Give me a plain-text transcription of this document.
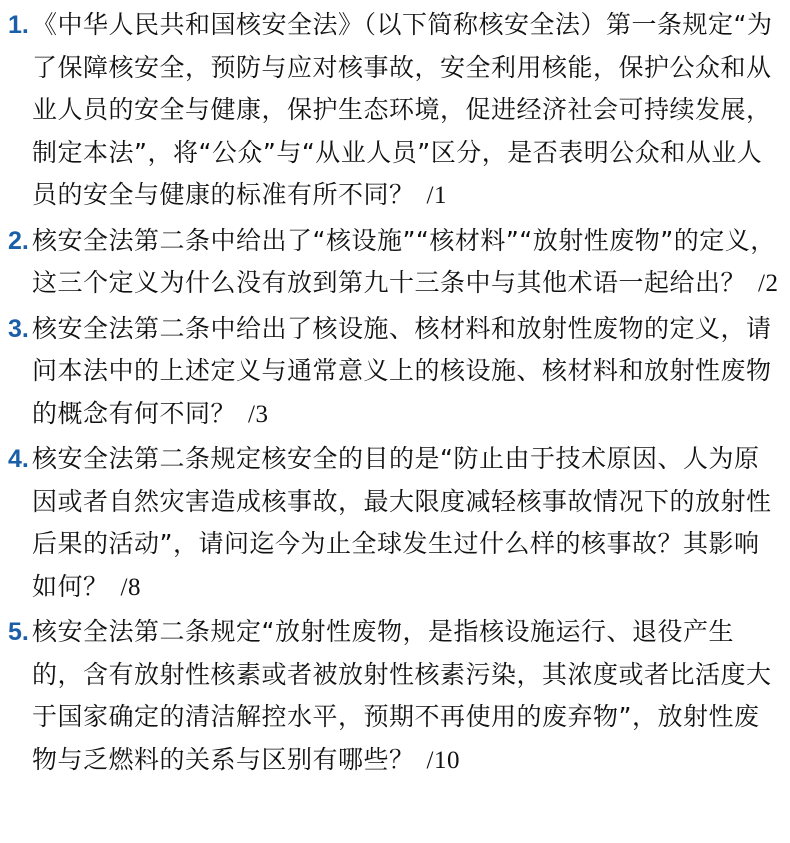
1. 《中华人民共和国核安全法》（以下简称核安全法）第一条规定“为了保障核安全，预防与应对核事故，安全利用核能，保护公众和从业人员的安全与健康，保护生态环境，促进经济社会可持续发展，制定本法”，将“公众”与“从业人员”区分，是否表明公众和从业人员的安全与健康的标准有所不同？ /1
2. 核安全法第二条中给出了“核设施”“核材料”“放射性废物”的定义，这三个定义为什么没有放到第九十三条中与其他术语一起给出？ /2
3. 核安全法第二条中给出了核设施、核材料和放射性废物的定义，请问本法中的上述定义与通常意义上的核设施、核材料和放射性废物的概念有何不同？ /3
4. 核安全法第二条规定核安全的目的是“防止由于技术原因、人为原因或者自然灾害造成核事故，最大限度减轻核事故情况下的放射性后果的活动”，请问迄今为止全球发生过什么样的核事故？其影响如何？ /8
5. 核安全法第二条规定“放射性废物，是指核设施运行、退役产生的，含有放射性核素或者被放射性核素污染，其浓度或者比活度大于国家确定的清洁解控水平，预期不再使用的废弃物”，放射性废物与乏燃料的关系与区别有哪些？ /10
